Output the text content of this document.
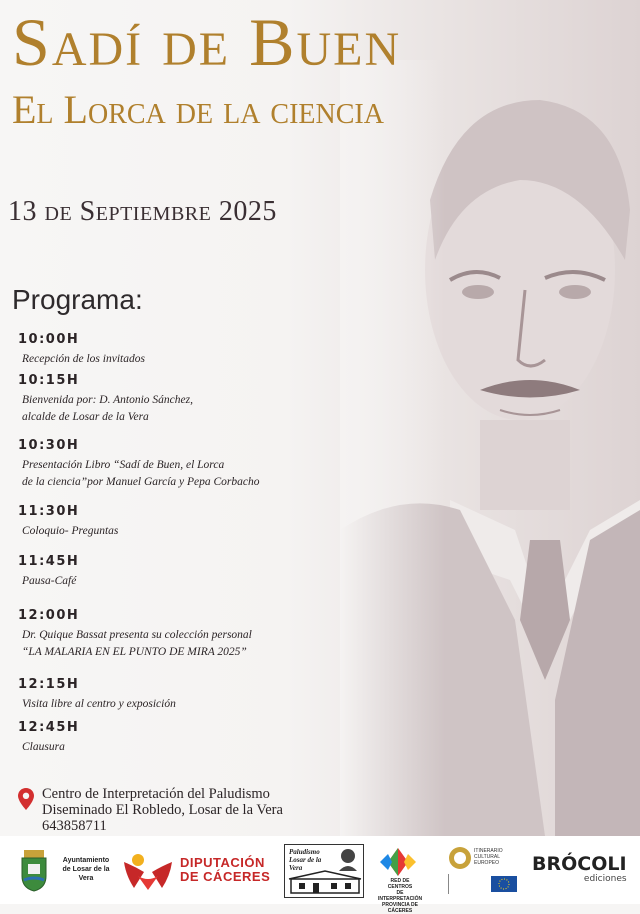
Sadí de Buen
El Lorca de la ciencia
13 de Septiembre 2025
Programa:
10:00H
Recepción de los invitados
10:15H
Bienvenida por: D. Antonio Sánchez,
alcalde de Losar de la Vera
10:30H
Presentación Libro “Sadí de Buen, el Lorca
de la ciencia”por Manuel García y Pepa Corbacho
11:30H
Coloquio- Preguntas
11:45H
Pausa-Café
12:00H
Dr. Quique Bassat presenta su colección personal
“LA MALARIA EN EL PUNTO DE MIRA 2025”
12:15H
Visita libre al centro y exposición
12:45H
Clausura
Centro de Interpretación del Paludismo
Diseminado El Robledo, Losar de la Vera
643858711
Ayuntamiento
de Losar de la
Vera
DIPUTACIÓN
DE CÁCERES
Paludismo
Losar de la Vera
RED DE CENTROS
DE INTERPRETACIÓN
PROVINCIA DE CÁCERES
ITINERARIO
CULTURAL
EUROPEO BRÓCOLI
ediciones
